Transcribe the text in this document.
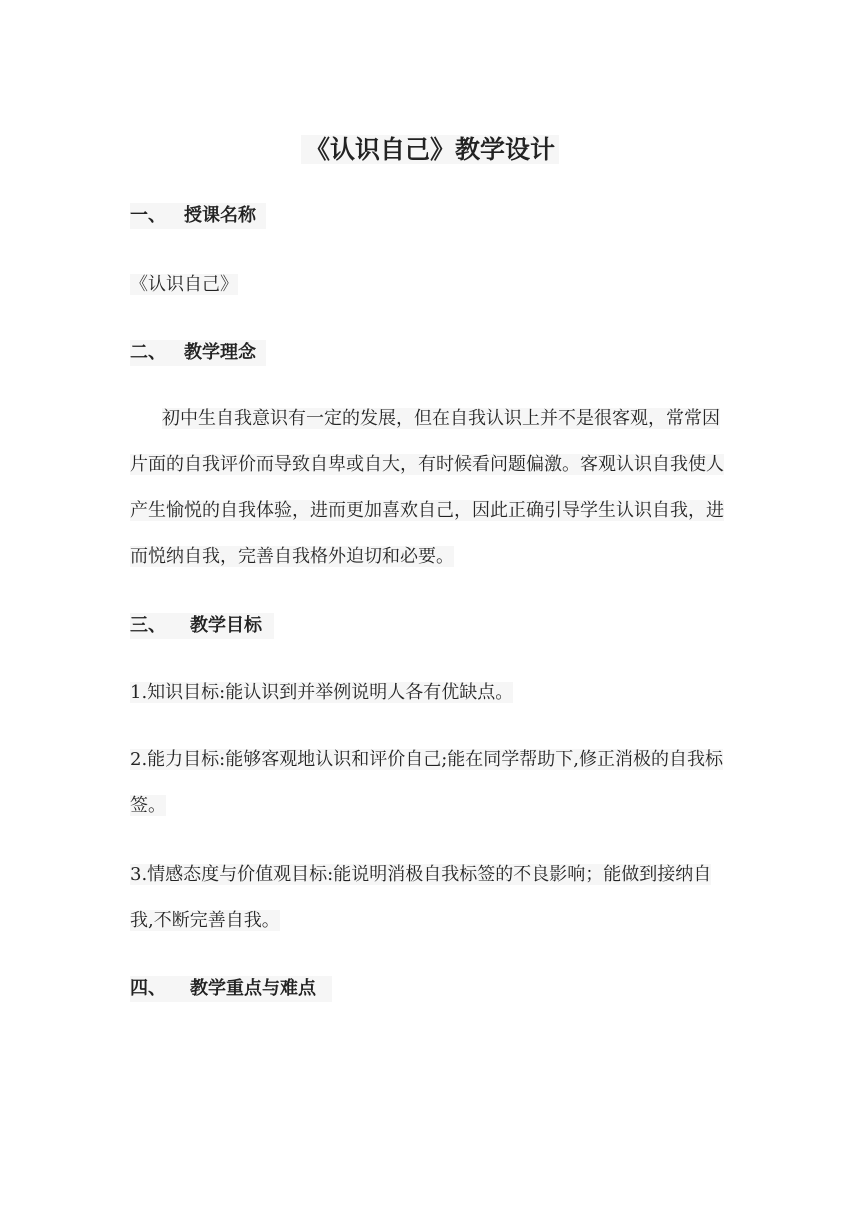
《认识自己》教学设计
一、 授课名称
《认识自己》
二、 教学理念
初中生自我意识有一定的发展，但在自我认识上并不是很客观，常常因片面的自我评价而导致自卑或自大，有时候看问题偏激。客观认识自我使人产生愉悦的自我体验，进而更加喜欢自己，因此正确引导学生认识自我，进而悦纳自我，完善自我格外迫切和必要。
三、 教学目标
1.知识目标:能认识到并举例说明人各有优缺点。
2.能力目标:能够客观地认识和评价自己;能在同学帮助下,修正消极的自我标签。
3.情感态度与价值观目标:能说明消极自我标签的不良影响；能做到接纳自我,不断完善自我。
四、 教学重点与难点
